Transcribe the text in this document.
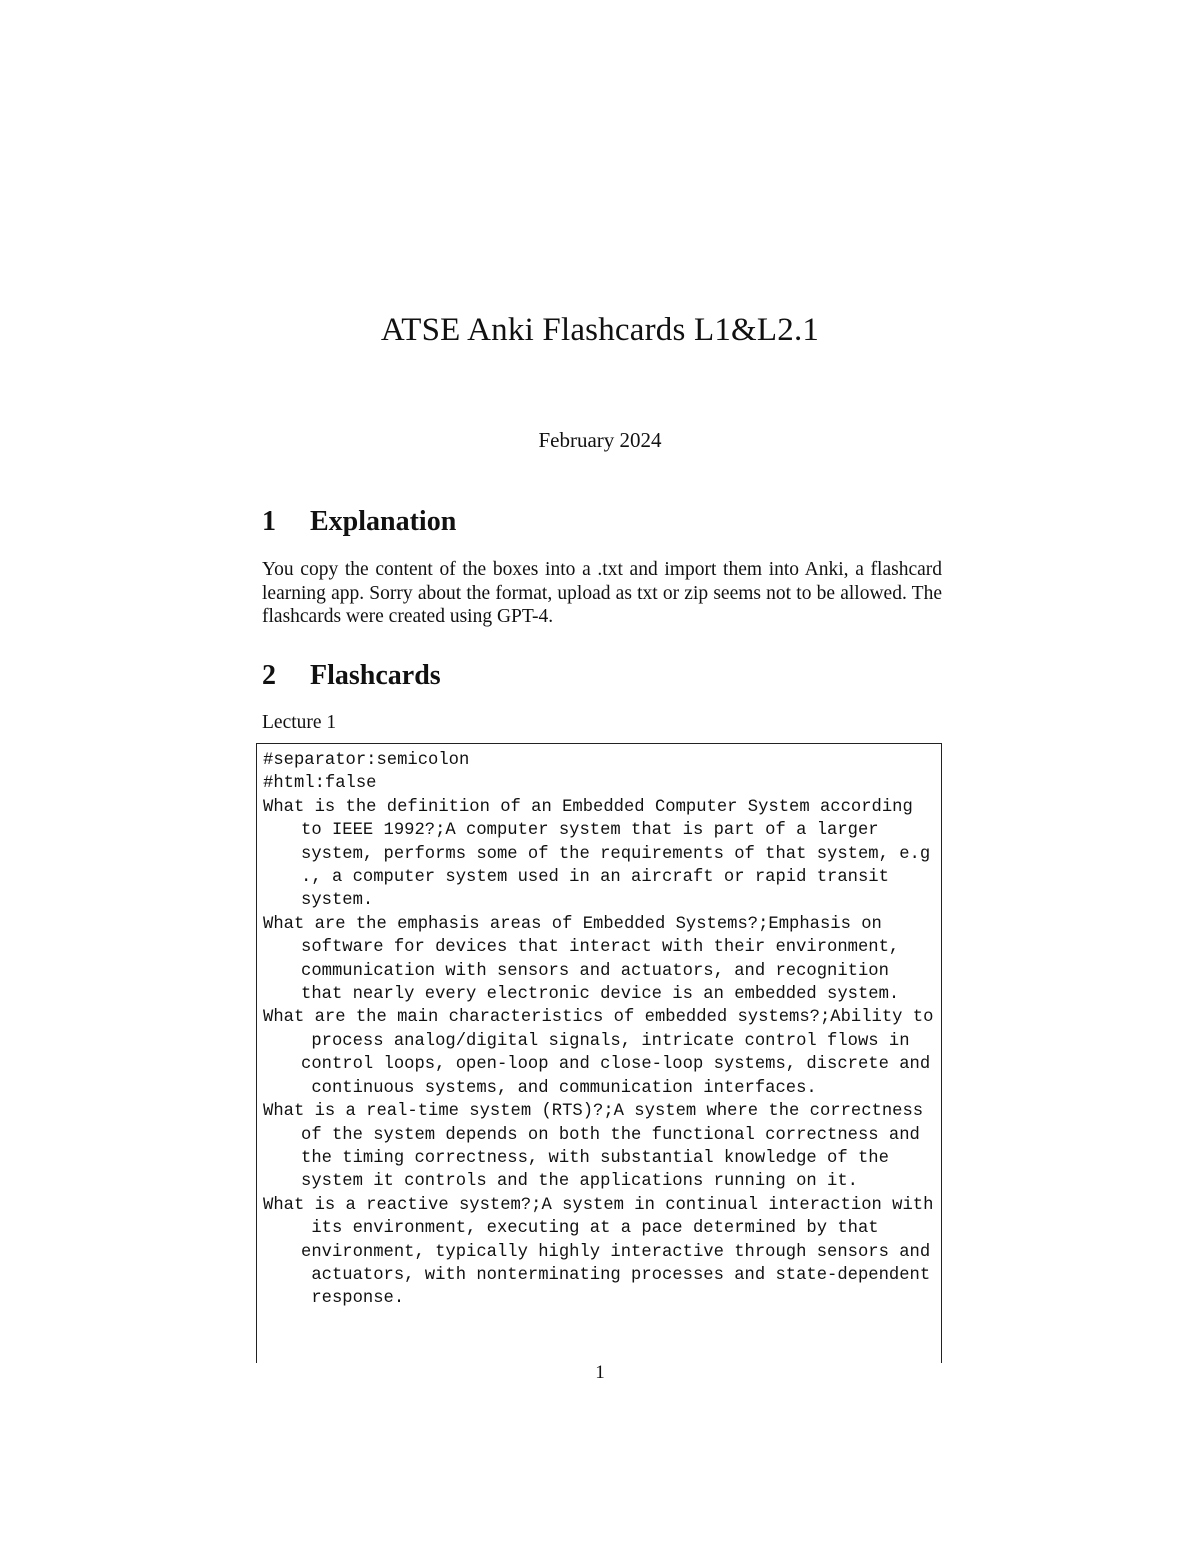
ATSE Anki Flashcards L1&L2.1
February 2024
1 Explanation
You copy the content of the boxes into a .txt and import them into Anki, a flashcard learning app. Sorry about the format, upload as txt or zip seems not to be allowed. The flashcards were created using GPT-4.
2 Flashcards
Lecture 1
#separator:semicolon
#html:false
What is the definition of an Embedded Computer System according
to IEEE 1992?;A computer system that is part of a larger
system, performs some of the requirements of that system, e.g
., a computer system used in an aircraft or rapid transit
system.
What are the emphasis areas of Embedded Systems?;Emphasis on
software for devices that interact with their environment,
communication with sensors and actuators, and recognition
that nearly every electronic device is an embedded system.
What are the main characteristics of embedded systems?;Ability to
process analog/digital signals, intricate control flows in
control loops, open-loop and close-loop systems, discrete and
continuous systems, and communication interfaces.
What is a real-time system (RTS)?;A system where the correctness
of the system depends on both the functional correctness and
the timing correctness, with substantial knowledge of the
system it controls and the applications running on it.
What is a reactive system?;A system in continual interaction with
its environment, executing at a pace determined by that
environment, typically highly interactive through sensors and
actuators, with nonterminating processes and state-dependent
response.
1
